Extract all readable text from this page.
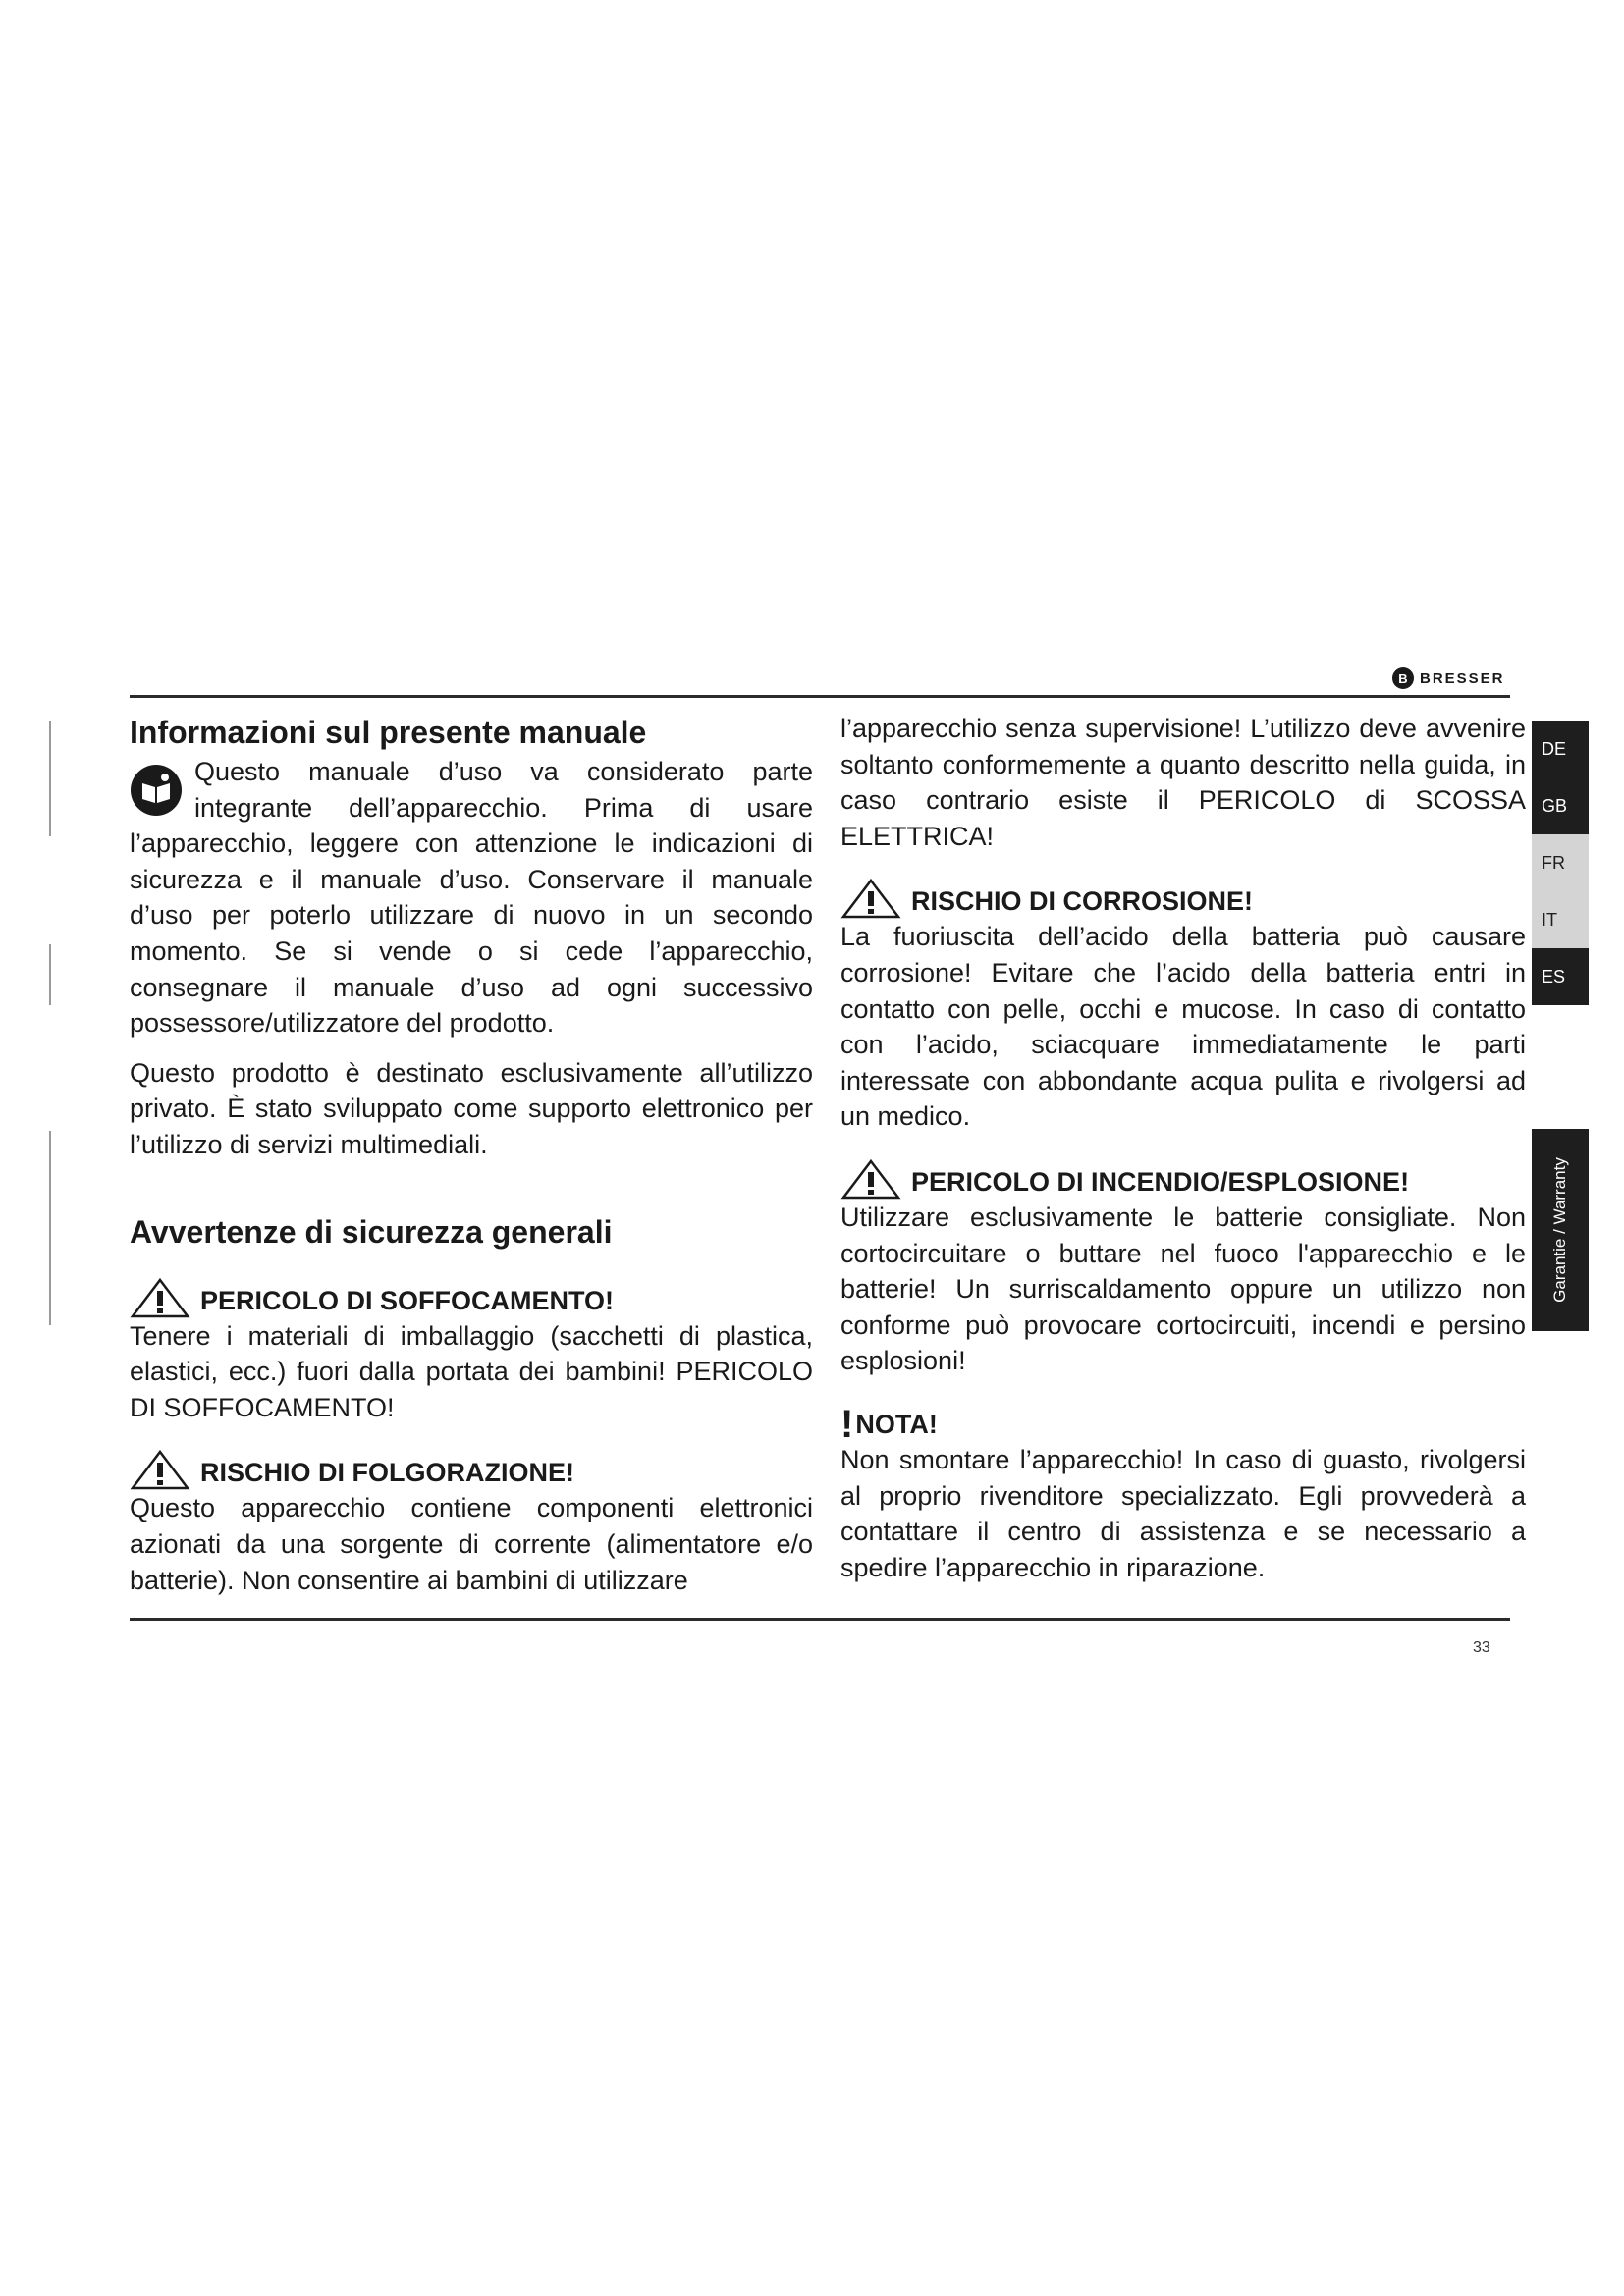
B BRESSER
Informazioni sul presente manuale

Questo manuale d’uso va considerato parte integrante dell’apparecchio. Prima di usare l’apparecchio, leggere con attenzione le indicazioni di sicurezza e il manuale d’uso. Conservare il manuale d’uso per poterlo utilizzare di nuovo in un secondo momento. Se si vende o si cede l’apparecchio, consegnare il manuale d’uso ad ogni successivo possessore/utilizzatore del prodotto.

Questo prodotto è destinato esclusivamente all’utilizzo privato. È stato sviluppato come supporto elettronico per l’utilizzo di servizi multimediali.

Avvertenze di sicurezza generali
PERICOLO DI SOFFOCAMENTO!

Tenere i materiali di imballaggio (sacchetti di plastica, elastici, ecc.) fuori dalla portata dei bambini! PERICOLO DI SOFFOCAMENTO!

RISCHIO DI FOLGORAZIONE!

Questo apparecchio contiene componenti elettronici azionati da una sorgente di corrente (alimentatore e/o batterie). Non consentire ai bambini di utilizzare

l’apparecchio senza supervisione! L’utilizzo deve avvenire soltanto conformemente a quanto descritto nella guida, in caso contrario esiste il PERICOLO di SCOSSA ELETTRICA!

RISCHIO DI CORROSIONE!

La fuoriuscita dell’acido della batteria può causare corrosione! Evitare che l’acido della batteria entri in contatto con pelle, occhi e mucose. In caso di contatto con l’acido, sciacquare immediatamente le parti interessate con abbondante acqua pulita e rivolgersi ad un medico.

PERICOLO DI INCENDIO/ESPLOSIONE!

Utilizzare esclusivamente le batterie consigliate. Non cortocircuitare o buttare nel fuoco l'apparecchio e le batterie! Un surriscaldamento oppure un utilizzo non conforme può provocare cortocircuiti, incendi e persino esplosioni!

! NOTA!

Non smontare l’apparecchio! In caso di guasto, rivolgersi al proprio rivenditore specializzato. Egli provvederà a contattare il centro di assistenza e se necessario a spedire l’apparecchio in riparazione.

33
DE
GB
FR
IT
ES
Garantie / Warranty
